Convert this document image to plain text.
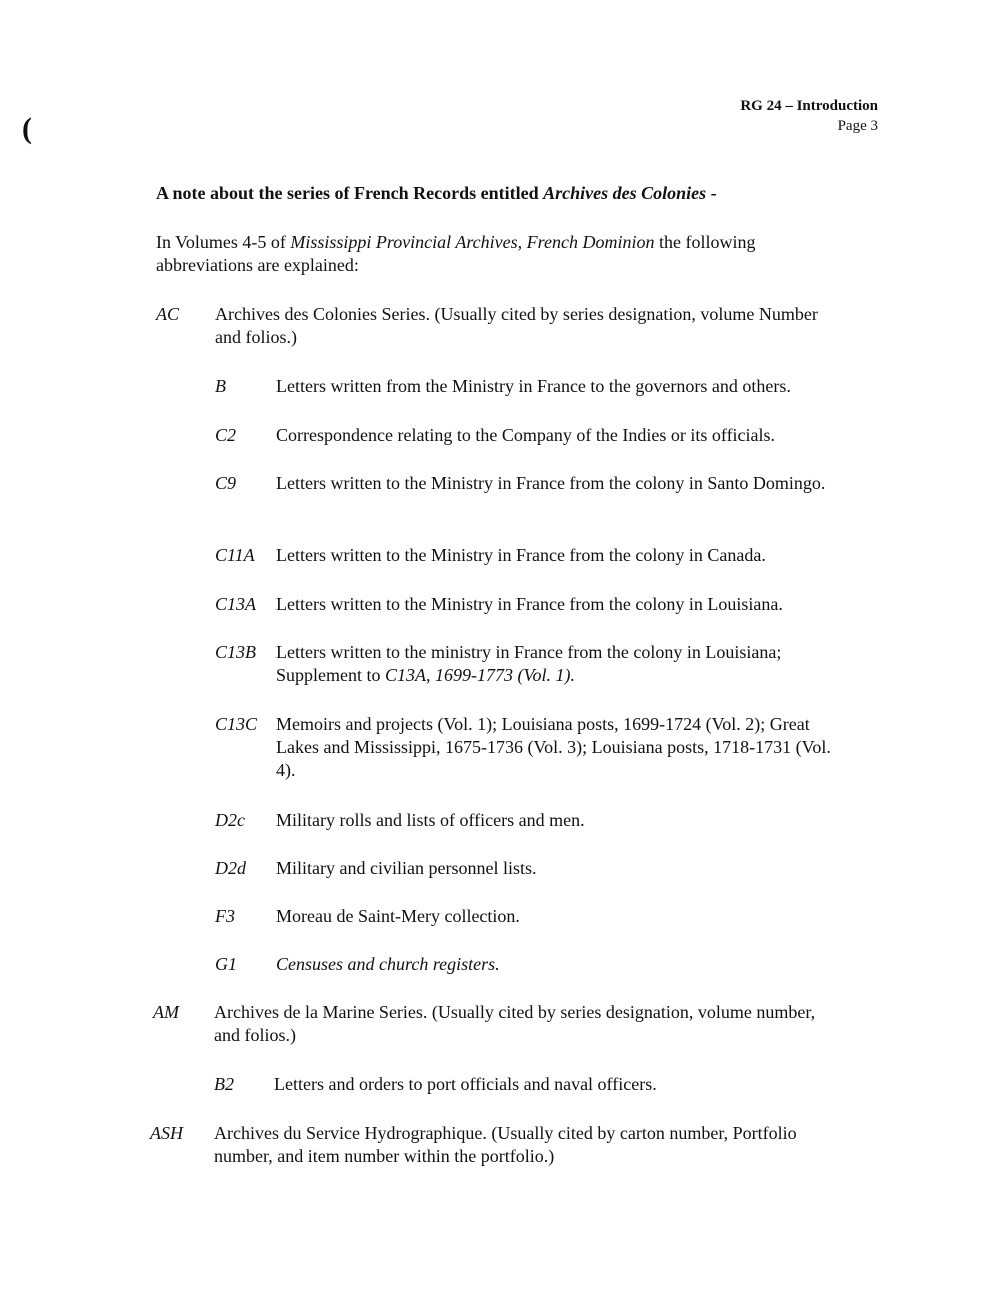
(
RG 24 – Introduction
Page 3
A note about the series of French Records entitled Archives des Colonies -
In Volumes 4-5 of Mississippi Provincial Archives, French Dominion the following abbreviations are explained:
AC Archives des Colonies Series. (Usually cited by series designation, volume Number and folios.)
B	Letters written from the Ministry in France to the governors and others.
C2 Correspondence relating to the Company of the Indies or its officials.
C9 Letters written to the Ministry in France from the colony in Santo Domingo.
C11A Letters written to the Ministry in France from the colony in Canada.
C13A Letters written to the Ministry in France from the colony in Louisiana.
C13B Letters written to the ministry in France from the colony in Louisiana; Supplement to C13A, 1699-1773 (Vol. 1).
C13C Memoirs and projects (Vol. 1); Louisiana posts, 1699-1724 (Vol. 2); Great Lakes and Mississippi, 1675-1736 (Vol. 3); Louisiana posts, 1718-1731 (Vol. 4).
D2c Military rolls and lists of officers and men.
D2d Military and civilian personnel lists.
F3 Moreau de Saint-Mery collection.
G1 Censuses and church registers.
AM Archives de la Marine Series. (Usually cited by series designation, volume number, and folios.)
B2 Letters and orders to port officials and naval officers.
ASH Archives du Service Hydrographique. (Usually cited by carton number, Portfolio number, and item number within the portfolio.)
